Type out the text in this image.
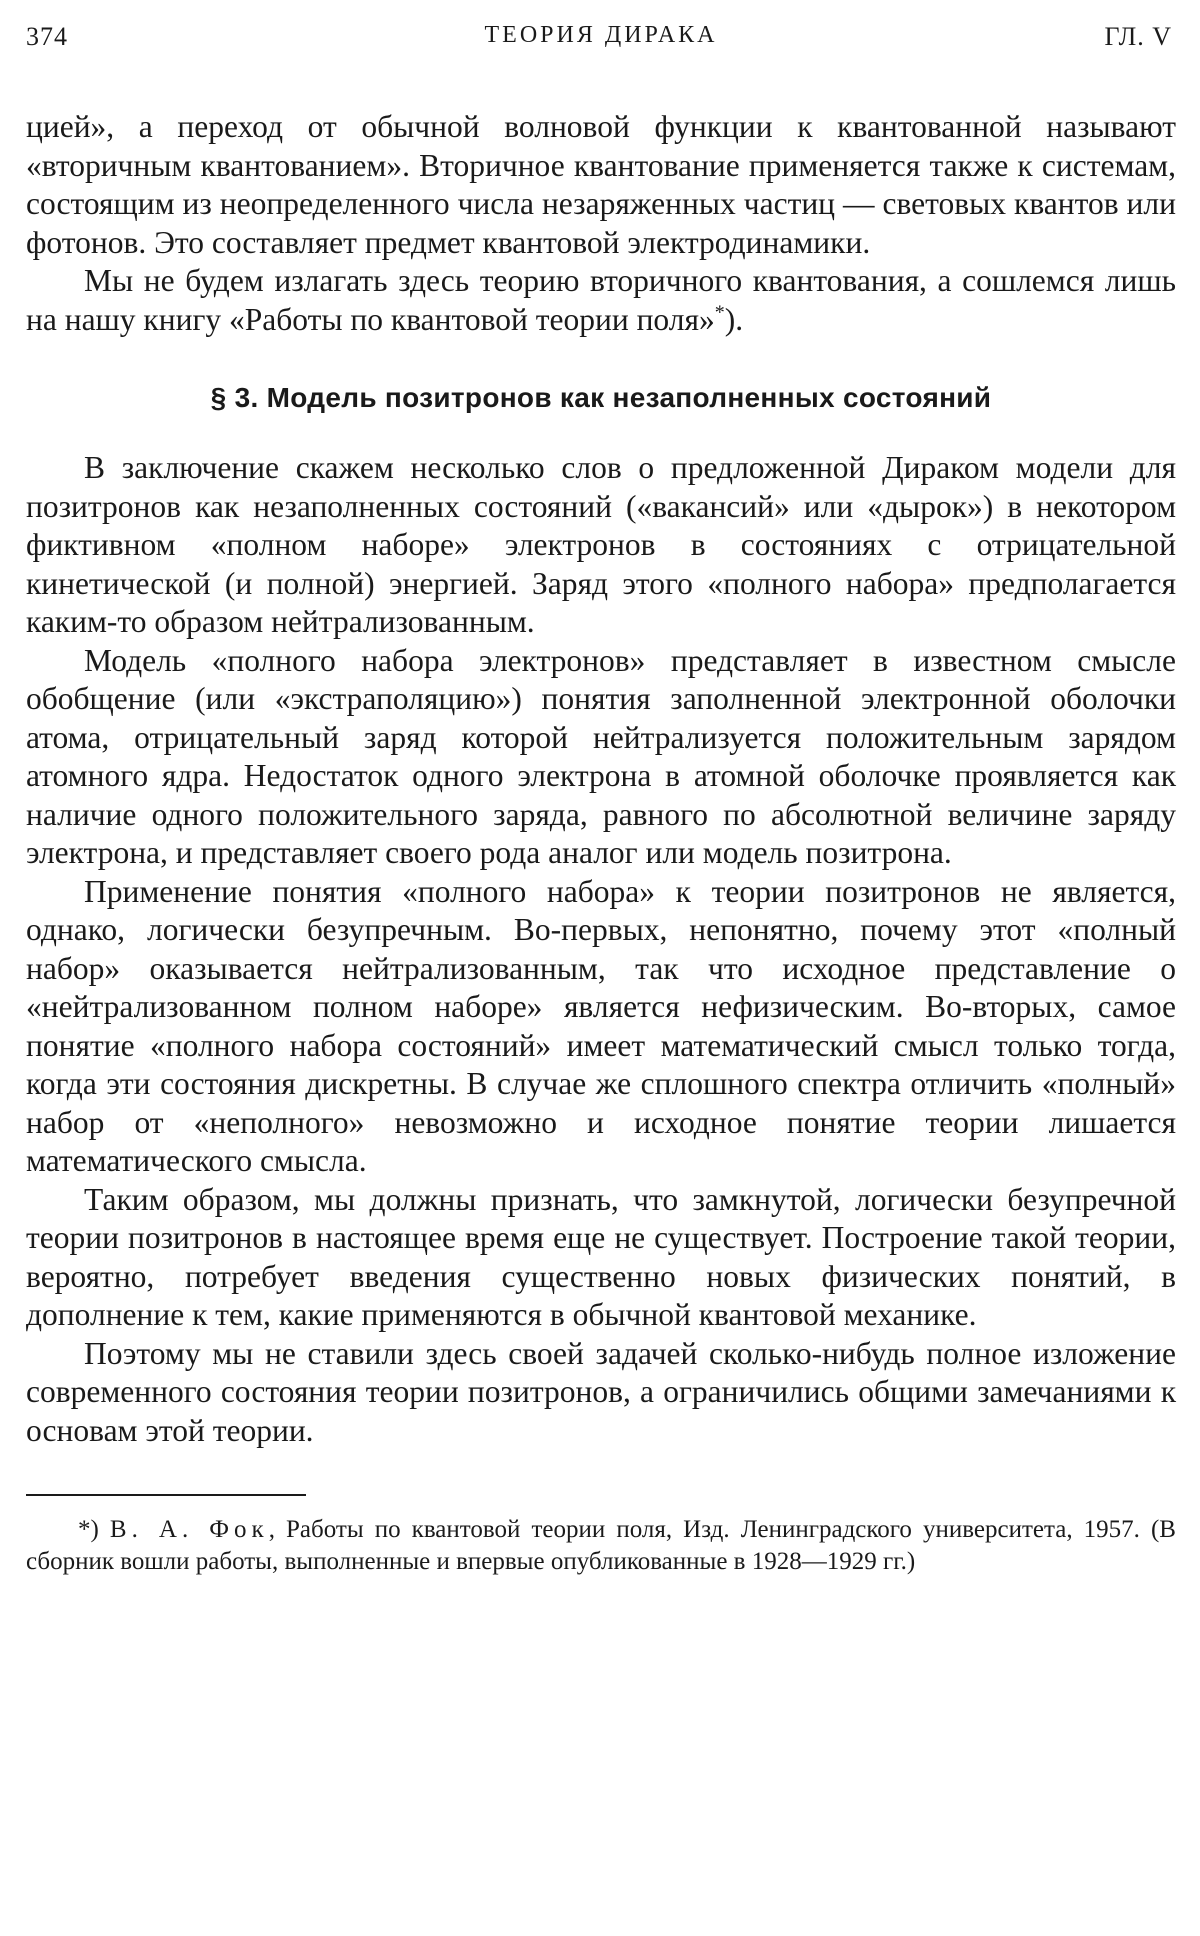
374	ТЕОРИЯ ДИРАКА	ГЛ. V

цией», а переход от обычной волновой функции к квантованной называют «вторичным квантованием». Вторичное квантование применяется также к системам, состоящим из неопределенного числа незаряженных частиц — световых квантов или фотонов. Это составляет предмет квантовой электродинамики.

Мы не будем излагать здесь теорию вторичного квантования, а сошлемся лишь на нашу книгу «Работы по квантовой теории поля»*).

§ 3. Модель позитронов как незаполненных состояний

В заключение скажем несколько слов о предложенной Дираком модели для позитронов как незаполненных состояний («вакансий» или «дырок») в некотором фиктивном «полном наборе» электронов в состояниях с отрицательной кинетической (и полной) энергией. Заряд этого «полного набора» предполагается каким-то образом нейтрализованным.

Модель «полного набора электронов» представляет в известном смысле обобщение (или «экстраполяцию») понятия заполненной электронной оболочки атома, отрицательный заряд которой нейтрализуется положительным зарядом атомного ядра. Недостаток одного электрона в атомной оболочке проявляется как наличие одного положительного заряда, равного по абсолютной величине заряду электрона, и представляет своего рода аналог или модель позитрона.

Применение понятия «полного набора» к теории позитронов не является, однако, логически безупречным. Во-первых, непонятно, почему этот «полный набор» оказывается нейтрализованным, так что исходное представление о «нейтрализованном полном наборе» является нефизическим. Во-вторых, самое понятие «полного набора состояний» имеет математический смысл только тогда, когда эти состояния дискретны. В случае же сплошного спектра отличить «полный» набор от «неполного» невозможно и исходное понятие теории лишается математического смысла.

Таким образом, мы должны признать, что замкнутой, логически безупречной теории позитронов в настоящее время еще не существует. Построение такой теории, вероятно, потребует введения существенно новых физических понятий, в дополнение к тем, какие применяются в обычной квантовой механике.

Поэтому мы не ставили здесь своей задачей сколько-нибудь полное изложение современного состояния теории позитронов, а ограничились общими замечаниями к основам этой теории.

*) В. А. Фок, Работы по квантовой теории поля, Изд. Ленинградского университета, 1957. (В сборник вошли работы, выполненные и впервые опубликованные в 1928—1929 гг.)
